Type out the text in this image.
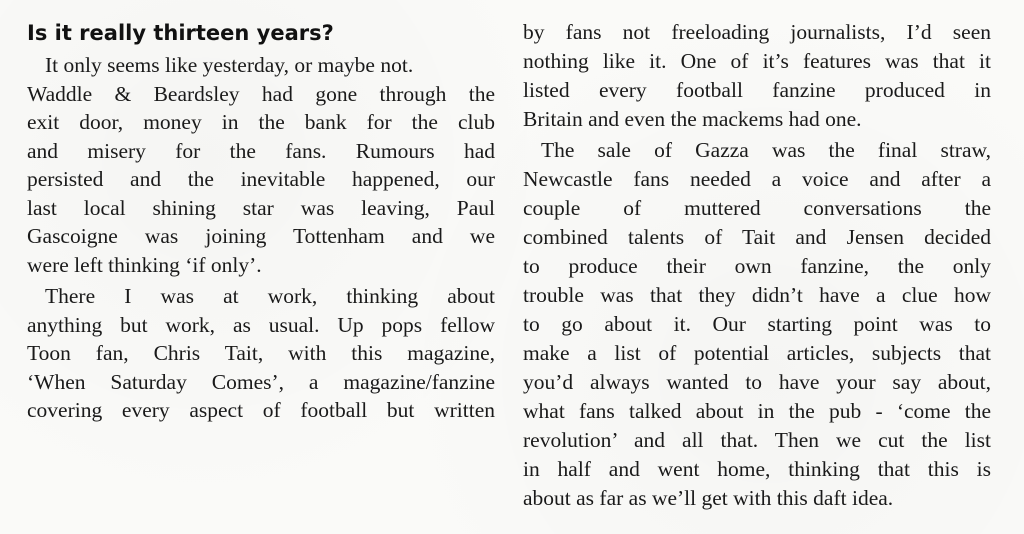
Is it really thirteen years?
It only seems like yesterday, or maybe not.
Waddle & Beardsley had gone through the
exit door, money in the bank for the club
and misery for the fans. Rumours had
persisted and the inevitable happened, our
last local shining star was leaving, Paul
Gascoigne was joining Tottenham and we
were left thinking ‘if only’.
There I was at work, thinking about
anything but work, as usual. Up pops fellow
Toon fan, Chris Tait, with this magazine,
‘When Saturday Comes’, a magazine/fanzine
covering every aspect of football but written
by fans not freeloading journalists, I’d seen
nothing like it. One of it’s features was that it
listed every football fanzine produced in
Britain and even the mackems had one.
The sale of Gazza was the final straw,
Newcastle fans needed a voice and after a
couple of muttered conversations the
combined talents of Tait and Jensen decided
to produce their own fanzine, the only
trouble was that they didn’t have a clue how
to go about it. Our starting point was to
make a list of potential articles, subjects that
you’d always wanted to have your say about,
what fans talked about in the pub - ‘come the
revolution’ and all that. Then we cut the list
in half and went home, thinking that this is
about as far as we’ll get with this daft idea.
